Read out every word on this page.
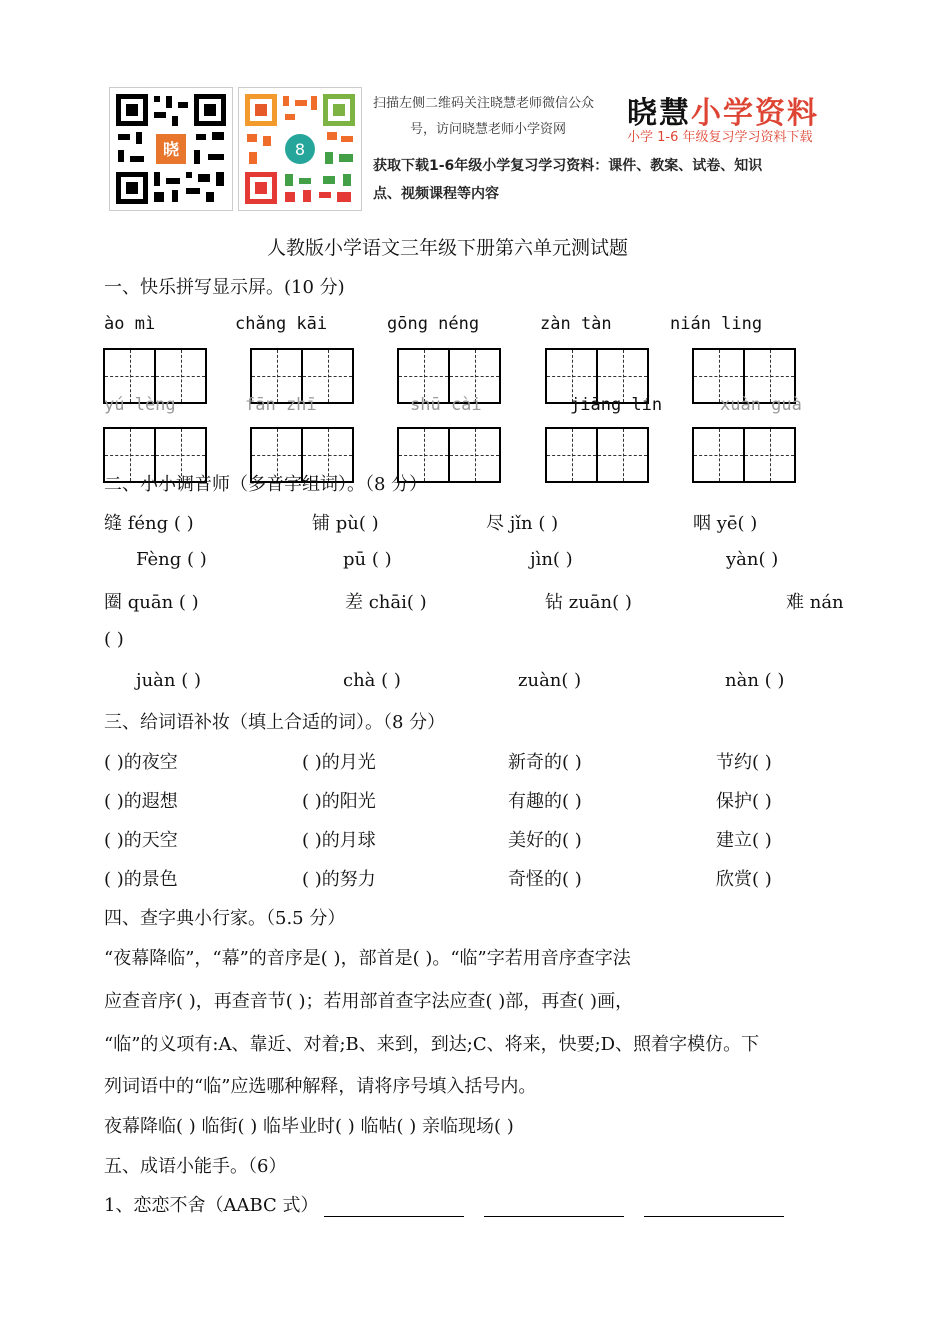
晓	8
扫描左侧二维码关注晓慧老师微信公众
号，访问晓慧老师小学资网
获取下载1-6年级小学复习学习资料：课件、教案、试卷、知识
点、视频课程等内容
晓慧小学资料
小学 1-6 年级复习学习资料下载
人教版小学语文三年级下册第六单元测试题
一、快乐拼写显示屏。(10 分)
ào mì	chǎng kāi	gōng néng	zàn tàn	nián ling
yú lèng	fān zhī	shū cài	jiāng lín	xuàn guà
二、小小调音师（多音字组词）。（8 分）
缝 féng ( )	铺 pù( )	尽 jǐn ( )	咽 yē( )
Fèng ( )	pū ( )	jìn( )	yàn( )
圈 quān ( )	差 chāi( )	钻 zuān( )	难 nán
( )
juàn ( )	chà ( )	zuàn( )	nàn ( )
三、给词语补妆（填上合适的词）。（8 分）
( )的夜空	( )的月光	新奇的( )	节约( )
( )的遐想	( )的阳光	有趣的( )	保护( )
( )的天空	( )的月球	美好的( )	建立( )
( )的景色	( )的努力	奇怪的( )	欣赏( )
四、查字典小行家。（5.5 分）
“夜幕降临”，“幕”的音序是( )，部首是( )。“临”字若用音序查字法
应查音序( )，再查音节( )；若用部首查字法应查( )部，再查( )画，
“临”的义项有:A、靠近、对着;B、来到，到达;C、将来，快要;D、照着字模仿。下
列词语中的“临”应选哪种解释，请将序号填入括号内。
夜幕降临( ) 临街( ) 临毕业时( ) 临帖( ) 亲临现场( )
五、成语小能手。（6）
1、恋恋不舍（AABC 式）
